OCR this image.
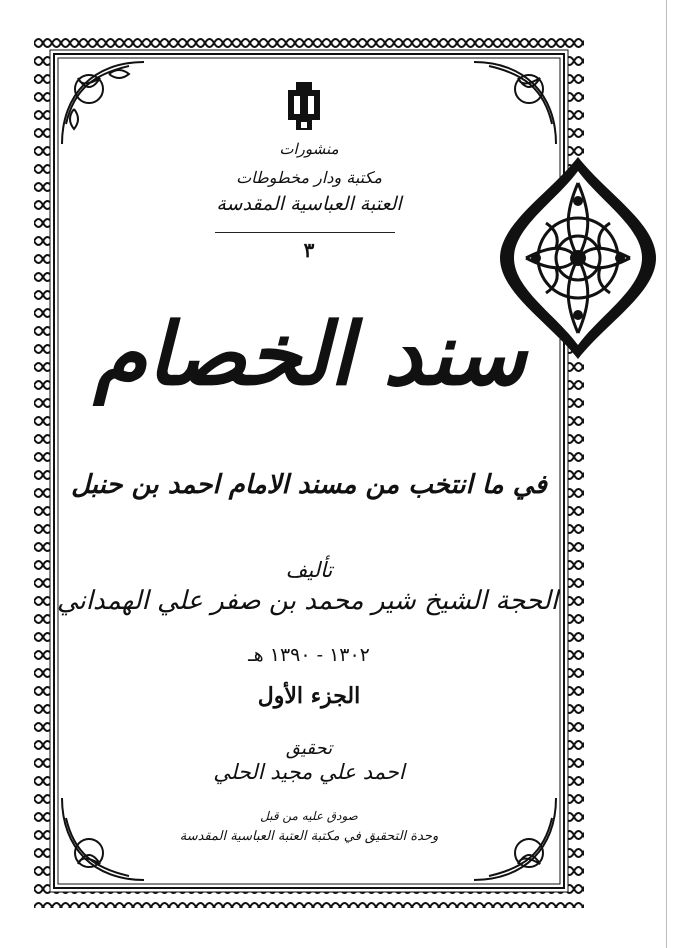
منشورات
مكتبة ودار مخطوطات
العتبة العباسية المقدسة
٣
سند الخصام
في ما انتخب من مسند الامام احمد بن حنبل
تأليف
الحجة الشيخ شير محمد بن صفر علي الهمداني
١٣٠٢ - ١٣٩٠ هـ
الجزء الأول
تحقيق
احمد علي مجيد الحلي
صودق عليه من قبل
وحدة التحقيق في مكتبة العتبة العباسية المقدسة
